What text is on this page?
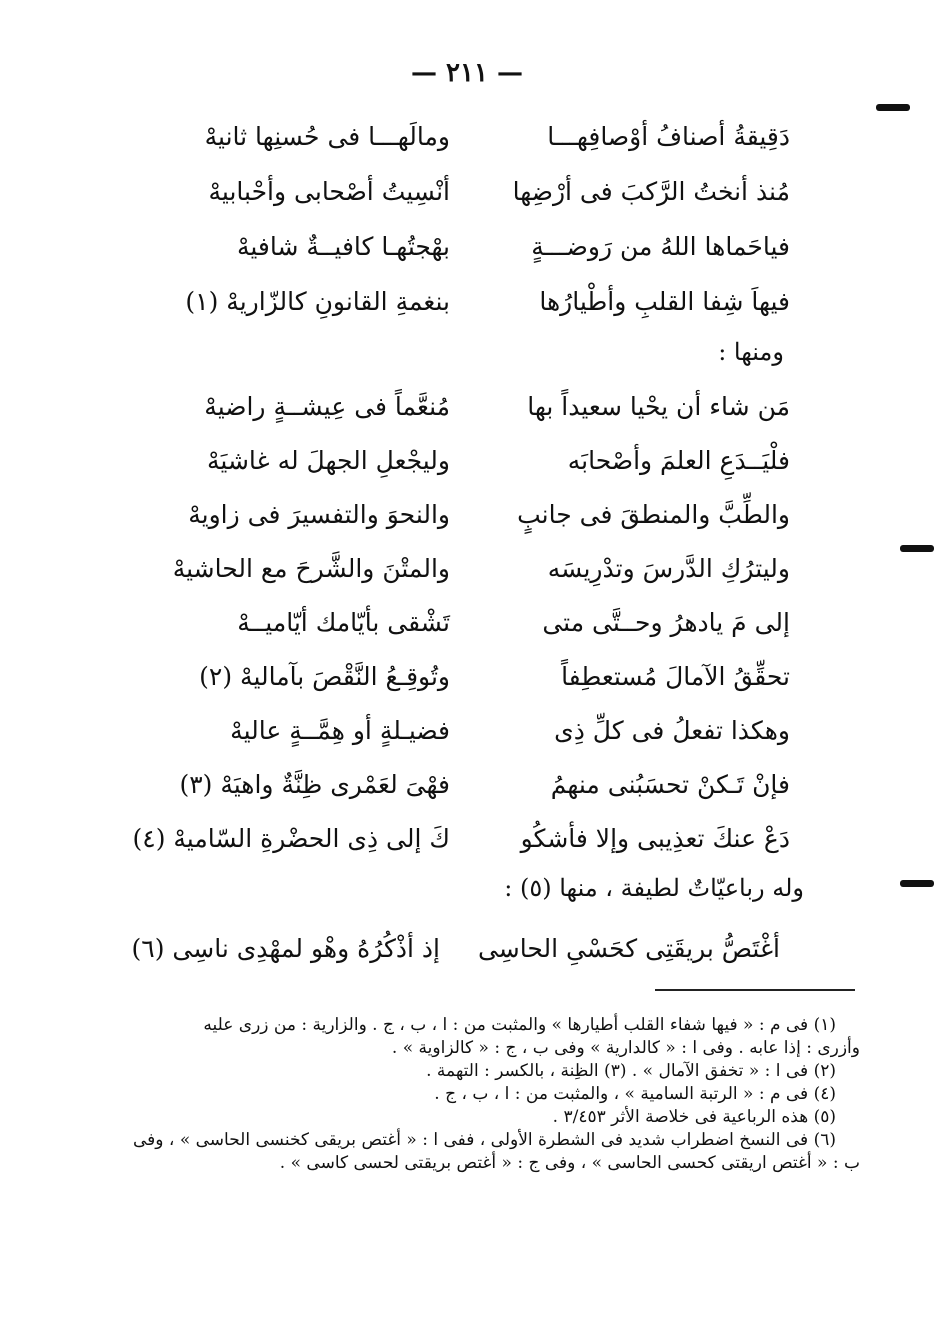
— ٢١١ —
دَقِيقةُ أصنافُ أوْصافِهـــا
ومالَهـــا فى حُسنِها ثانيهْ
مُنذ أنختُ الرَّكبَ فى أرْضِها
أنْسِيتُ أصْحابى وأحْبابيهْ
فياحَماها اللهُ من رَوضـــةٍ
بهْجتُهـا كافيــةٌ شافيهْ
فيهاَ شِفا القلبِ وأطْيارُها
بنغمةِ القانونِ كالزّاريهْ (١)
ومنها :
مَن شاء أن يحْيا سعيداً بها
مُنعَّماً فى عِيشــةٍ راضيهْ
فلْيَــدَعِ العلمَ وأصْحابَه
وليجْعلِ الجهلَ له غاشيَهْ
والطِّبَّ والمنطقَ فى جانبٍ
والنحوَ والتفسيرَ فى زاويهْ
وليترُكِ الدَّرسَ وتدْرِيسَه
والمتْنَ والشَّرحَ مع الحاشيهْ
إلى مَ يادهرُ وحــتَّى متى
تَشْقى بأيّامك أيّاميــهْ
تحقِّقُ الآمالَ مُستعطِفاً
وتُوقِـعُ النَّقْصَ بآماليهْ (٢)
وهكذا تفعلُ فى كلِّ ذِى
فضيـلةٍ أو هِمَّــةٍ عاليهْ
فإنْ تَـكنْ تحسَبُنى منهمُ
فهْىَ لعَمْرى ظِنَّةٌ واهيَهْ (٣)
دَعْ عنكَ تعذِيبى وإلا فأشكُو
كَ إلى ذِى الحضْرةِ السّاميهْ (٤)
وله رباعيّاتٌ لطيفة ، منها (٥) :
أغْتَصُّ بريقَتِى كحَسْىِ الحاسِى
إذ أذْكُرُهُ وهْو لمهْدِى ناسِى (٦)
(١) فى م : « فيها شفاء القلب أطيارها » والمثبت من : ا ، ب ، ج . والزارية : من زرى عليه
وأزرى : إذا عابه . وفى ا : « كالدارية » وفى ب ، ج : « كالزاوية » .
(٢) فى ا : « تخفق الآمال » . (٣) الظِنة ، بالكسر : التهمة .
(٤) فى م : « الرتبة السامية » ، والمثبت من : ا ، ب ، ج .
(٥) هذه الرباعية فى خلاصة الأثر ٣/٤٥٣ .
(٦) فى النسخ اضطراب شديد فى الشطرة الأولى ، ففى ا : « أغتص بريقى كخنسى الحاسى » ، وفى
ب : « أغتص اريقتى كحسى الحاسى » ، وفى ج : « أغتص بريقتى لحسى كاسى » .
